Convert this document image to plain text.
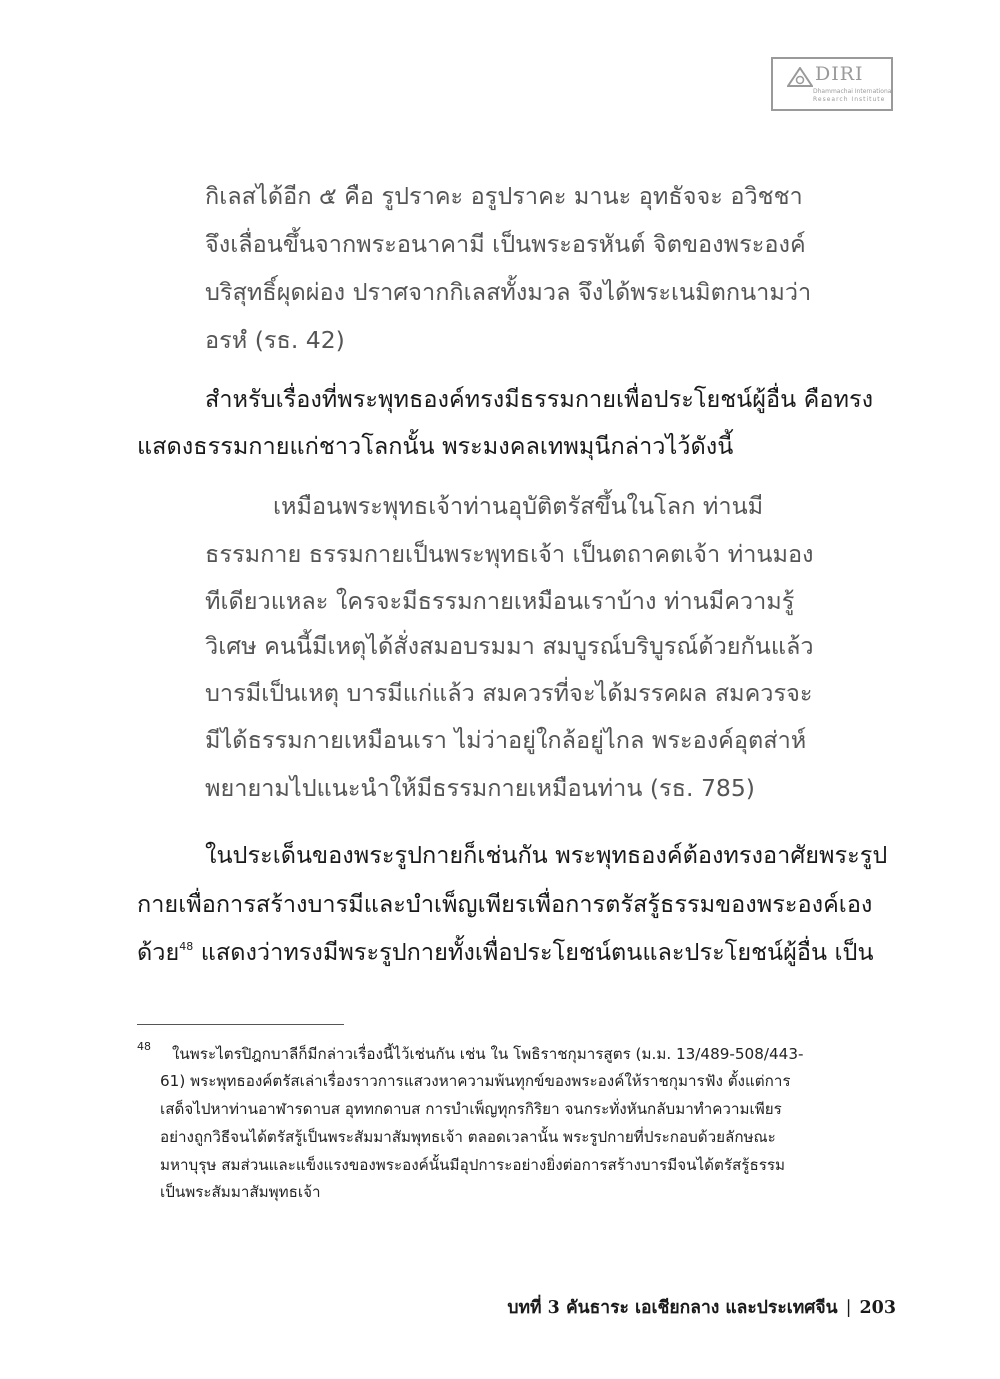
DIRI
Dhammachai International
Research Institute
กิเลสได้อีก ๕ คือ รูปราคะ อรูปราคะ มานะ อุทธัจจะ อวิชชา
จึงเลื่อนขึ้นจากพระอนาคามี เป็นพระอรหันต์ จิตของพระองค์
บริสุทธิ์ผุดผ่อง ปราศจากกิเลสทั้งมวล จึงได้พระเนมิตกนามว่า
อรหํ (รธ. 42)
สำหรับเรื่องที่พระพุทธองค์ทรงมีธรรมกายเพื่อประโยชน์ผู้อื่น คือทรง
แสดงธรรมกายแก่ชาวโลกนั้น พระมงคลเทพมุนีกล่าวไว้ดังนี้
เหมือนพระพุทธเจ้าท่านอุบัติตรัสขึ้นในโลก ท่านมี
ธรรมกาย ธรรมกายเป็นพระพุทธเจ้า เป็นตถาคตเจ้า ท่านมอง
ทีเดียวแหละ ใครจะมีธรรมกายเหมือนเราบ้าง ท่านมีความรู้
วิเศษ คนนี้มีเหตุได้สั่งสมอบรมมา สมบูรณ์บริบูรณ์ด้วยกันแล้ว
บารมีเป็นเหตุ บารมีแก่แล้ว สมควรที่จะได้มรรคผล สมควรจะ
มีได้ธรรมกายเหมือนเรา ไม่ว่าอยู่ใกล้อยู่ไกล พระองค์อุตส่าห์
พยายามไปแนะนำให้มีธรรมกายเหมือนท่าน (รธ. 785)
ในประเด็นของพระรูปกายก็เช่นกัน พระพุทธองค์ต้องทรงอาศัยพระรูป
กายเพื่อการสร้างบารมีและบำเพ็ญเพียรเพื่อการตรัสรู้ธรรมของพระองค์เอง
ด้วย$^{48}$ แสดงว่าทรงมีพระรูปกายทั้งเพื่อประโยชน์ตนและประโยชน์ผู้อื่น เป็น
48 ในพระไตรปิฎกบาลีก็มีกล่าวเรื่องนี้ไว้เช่นกัน เช่น ใน โพธิราชกุมารสูตร (ม.ม. 13/489-508/443-
61) พระพุทธองค์ตรัสเล่าเรื่องราวการแสวงหาความพ้นทุกข์ของพระองค์ให้ราชกุมารฟัง ตั้งแต่การ
เสด็จไปหาท่านอาฬารดาบส อุททกดาบส การบำเพ็ญทุกรกิริยา จนกระทั่งหันกลับมาทำความเพียร
อย่างถูกวิธีจนได้ตรัสรู้เป็นพระสัมมาสัมพุทธเจ้า ตลอดเวลานั้น พระรูปกายที่ประกอบด้วยลักษณะ
มหาบุรุษ สมส่วนและแข็งแรงของพระองค์นั้นมีอุปการะอย่างยิ่งต่อการสร้างบารมีจนได้ตรัสรู้ธรรม
เป็นพระสัมมาสัมพุทธเจ้า
บทที่ 3 คันธาระ เอเชียกลาง และประเทศจีน | 203
